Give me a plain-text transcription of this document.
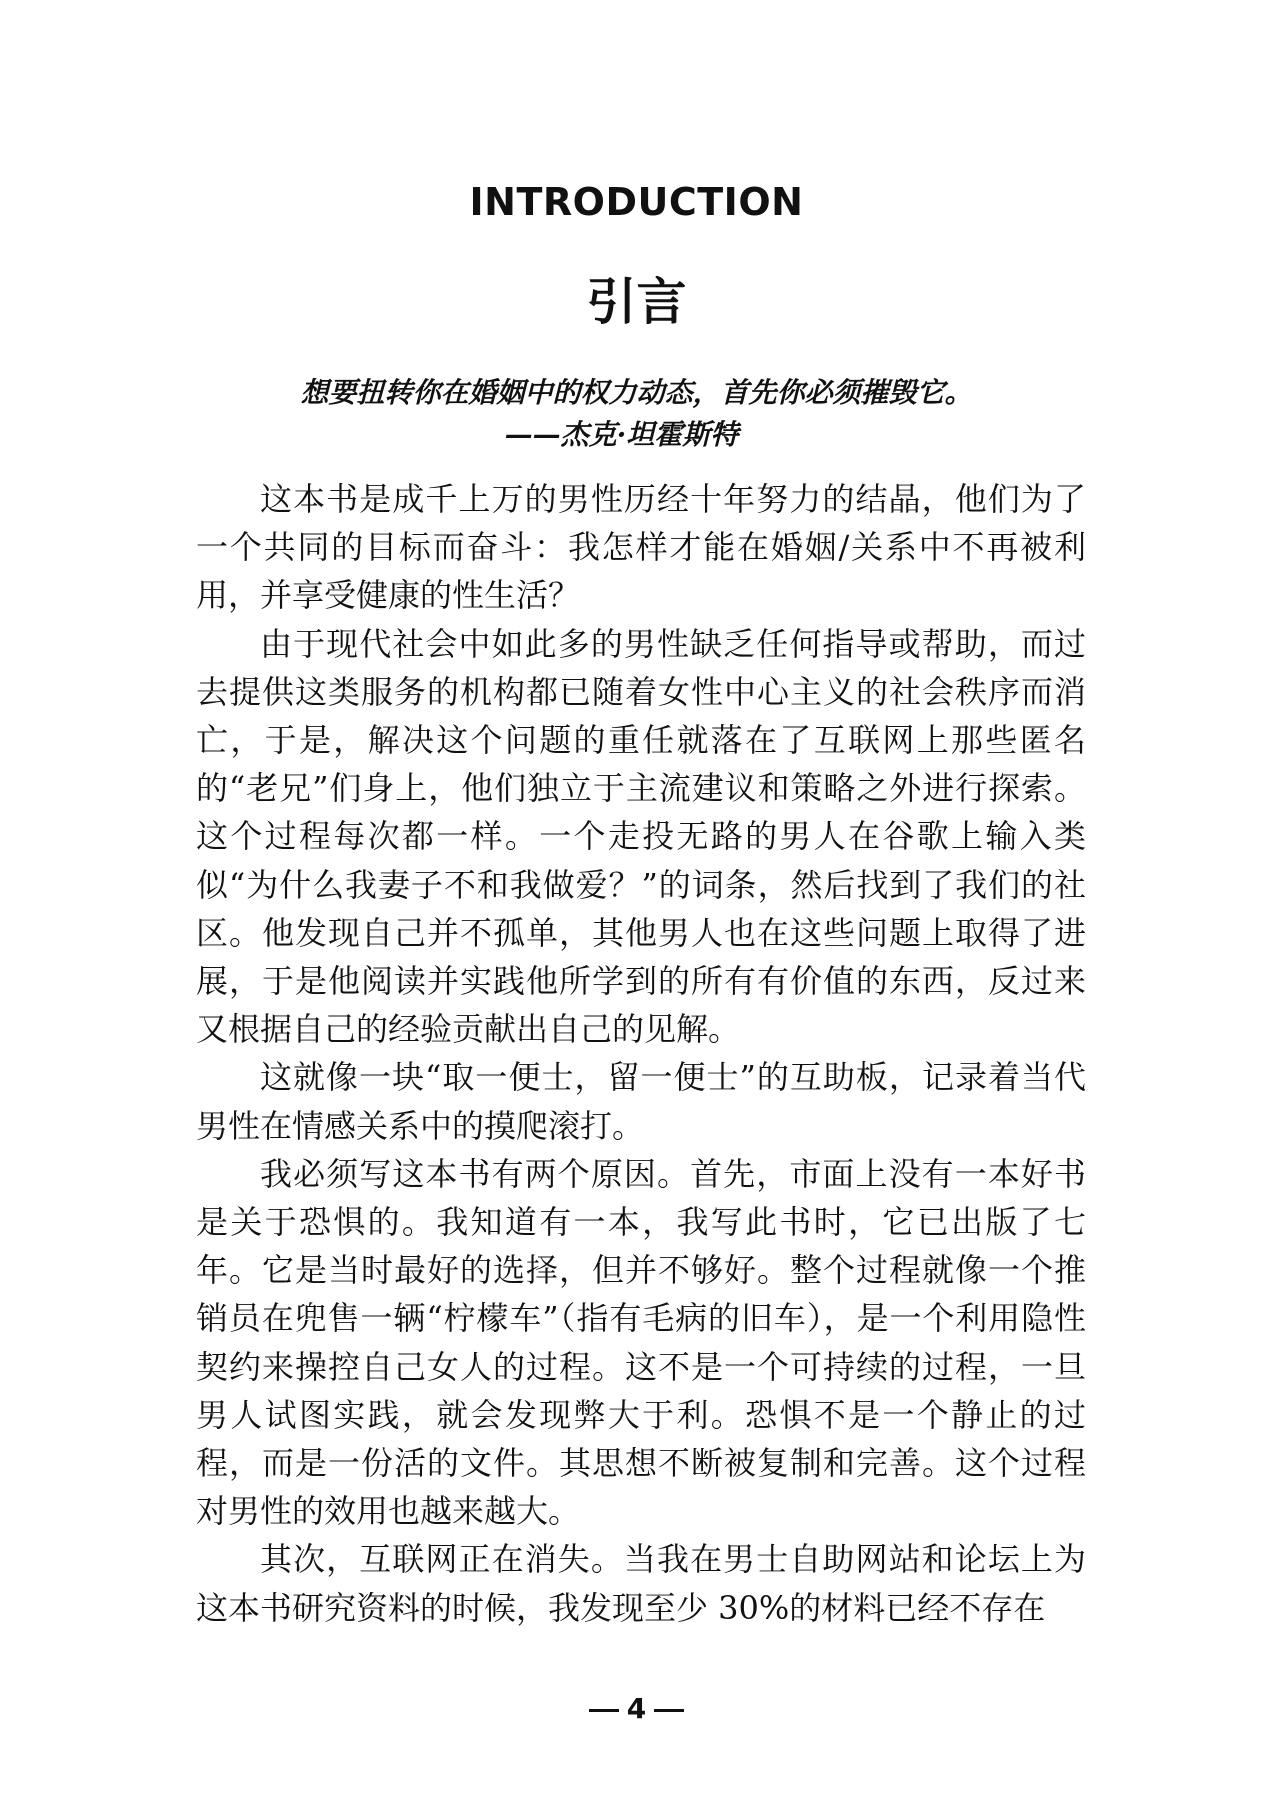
INTRODUCTION
引言
想要扭转你在婚姻中的权力动态，首先你必须摧毁它。
——杰克·坦霍斯特

这本书是成千上万的男性历经十年努力的结晶，他们为了一个共同的目标而奋斗：我怎样才能在婚姻/关系中不再被利用，并享受健康的性生活？

由于现代社会中如此多的男性缺乏任何指导或帮助，而过去提供这类服务的机构都已随着女性中心主义的社会秩序而消亡，于是，解决这个问题的重任就落在了互联网上那些匿名的“老兄”们身上，他们独立于主流建议和策略之外进行探索。这个过程每次都一样。一个走投无路的男人在谷歌上输入类似“为什么我妻子不和我做爱？”的词条，然后找到了我们的社区。他发现自己并不孤单，其他男人也在这些问题上取得了进展，于是他阅读并实践他所学到的所有有价值的东西，反过来又根据自己的经验贡献出自己的见解。

这就像一块“取一便士，留一便士”的互助板，记录着当代男性在情感关系中的摸爬滚打。

我必须写这本书有两个原因。首先，市面上没有一本好书是关于恐惧的。我知道有一本，我写此书时，它已出版了七年。它是当时最好的选择，但并不够好。整个过程就像一个推销员在兜售一辆“柠檬车”（指有毛病的旧车），是一个利用隐性契约来操控自己女人的过程。这不是一个可持续的过程，一旦男人试图实践，就会发现弊大于利。恐惧不是一个静止的过程，而是一份活的文件。其思想不断被复制和完善。这个过程对男性的效用也越来越大。

其次，互联网正在消失。当我在男士自助网站和论坛上为这本书研究资料的时候，我发现至少 30%的材料已经不存在

4
